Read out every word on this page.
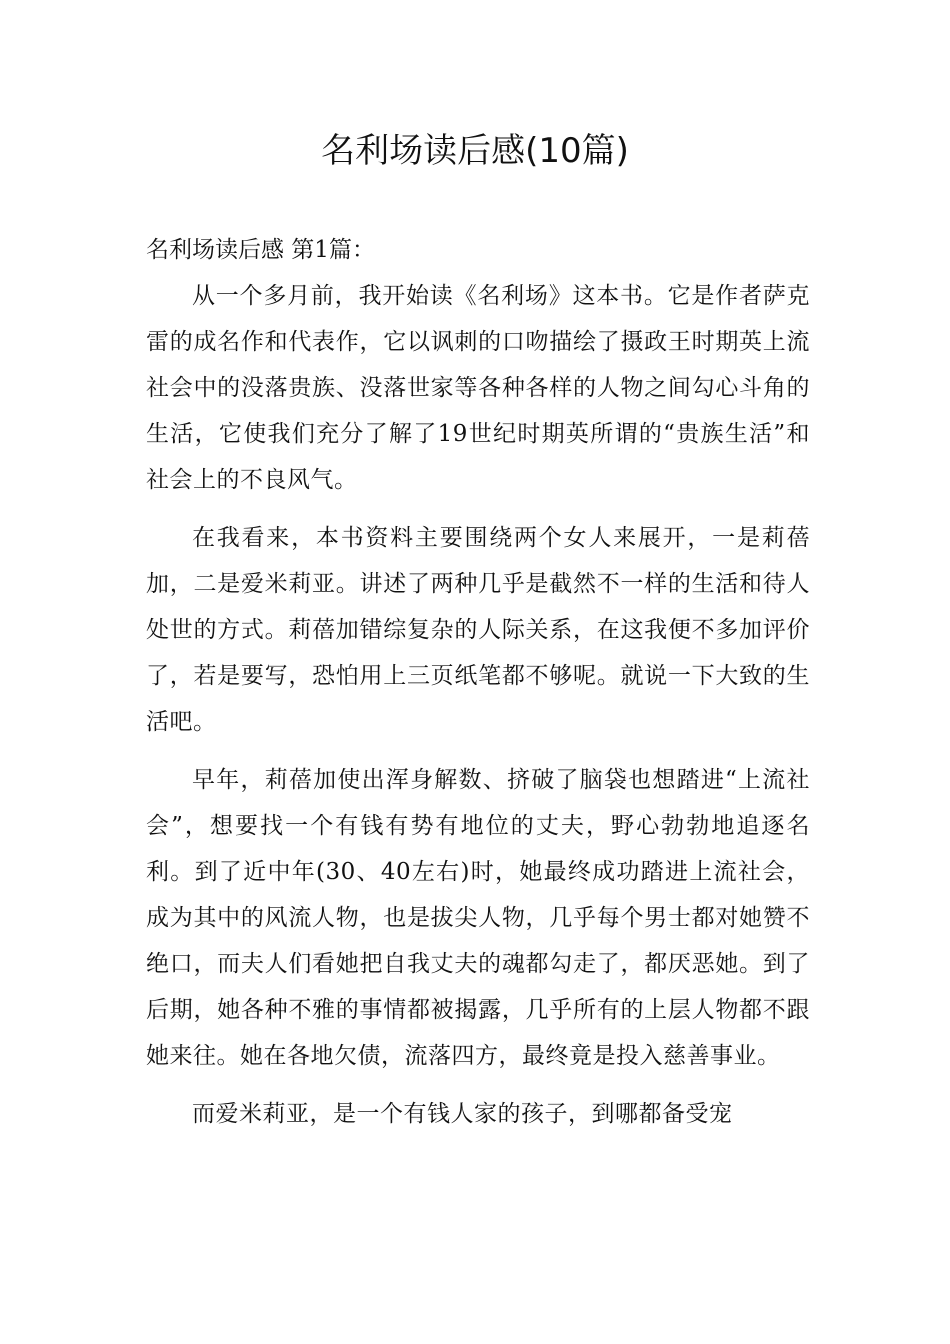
名利场读后感(10篇)

名利场读后感 第1篇：

从一个多月前，我开始读《名利场》这本书。它是作者萨克雷的成名作和代表作，它以讽刺的口吻描绘了摄政王时期英上流社会中的没落贵族、没落世家等各种各样的人物之间勾心斗角的生活，它使我们充分了解了19世纪时期英所谓的“贵族生活”和社会上的不良风气。

在我看来，本书资料主要围绕两个女人来展开，一是莉蓓加，二是爱米莉亚。讲述了两种几乎是截然不一样的生活和待人处世的方式。莉蓓加错综复杂的人际关系，在这我便不多加评价了，若是要写，恐怕用上三页纸笔都不够呢。就说一下大致的生活吧。

早年，莉蓓加使出浑身解数、挤破了脑袋也想踏进“上流社会”，想要找一个有钱有势有地位的丈夫，野心勃勃地追逐名利。到了近中年(30、40左右)时，她最终成功踏进上流社会，成为其中的风流人物，也是拔尖人物，几乎每个男士都对她赞不绝口，而夫人们看她把自我丈夫的魂都勾走了，都厌恶她。到了后期，她各种不雅的事情都被揭露，几乎所有的上层人物都不跟她来往。她在各地欠债，流落四方，最终竟是投入慈善事业。

而爱米莉亚，是一个有钱人家的孩子，到哪都备受宠
